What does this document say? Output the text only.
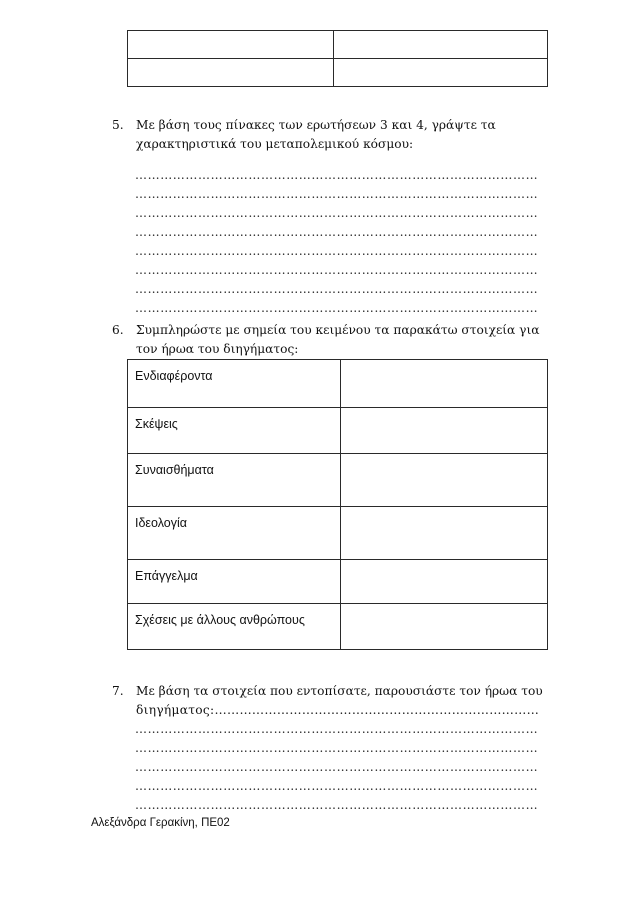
5.	Με βάση τους πίνακες των ερωτήσεων 3 και 4, γράψτε τα
χαρακτηριστικά του μεταπολεμικού κόσμου:
……………………………………………………………………………………
……………………………………………………………………………………
……………………………………………………………………………………
……………………………………………………………………………………
……………………………………………………………………………………
……………………………………………………………………………………
……………………………………………………………………………………
……………………………………………………………………………………
6.	Συμπληρώστε με σημεία του κειμένου τα παρακάτω στοιχεία για
τον ήρωα του διηγήματος:
Ενδιαφέροντα	
Σκέψεις	
Συναισθήματα	
Ιδεολογία	
Επάγγελμα	
Σχέσεις με άλλους ανθρώπους	
7.	Με βάση τα στοιχεία που εντοπίσατε, παρουσιάστε τον ήρωα του
διηγήματος:……………………………………………………………………
……………………………………………………………………………………
……………………………………………………………………………………
……………………………………………………………………………………
……………………………………………………………………………………
……………………………………………………………………………………
Αλεξάνδρα Γερακίνη, ΠΕ02
